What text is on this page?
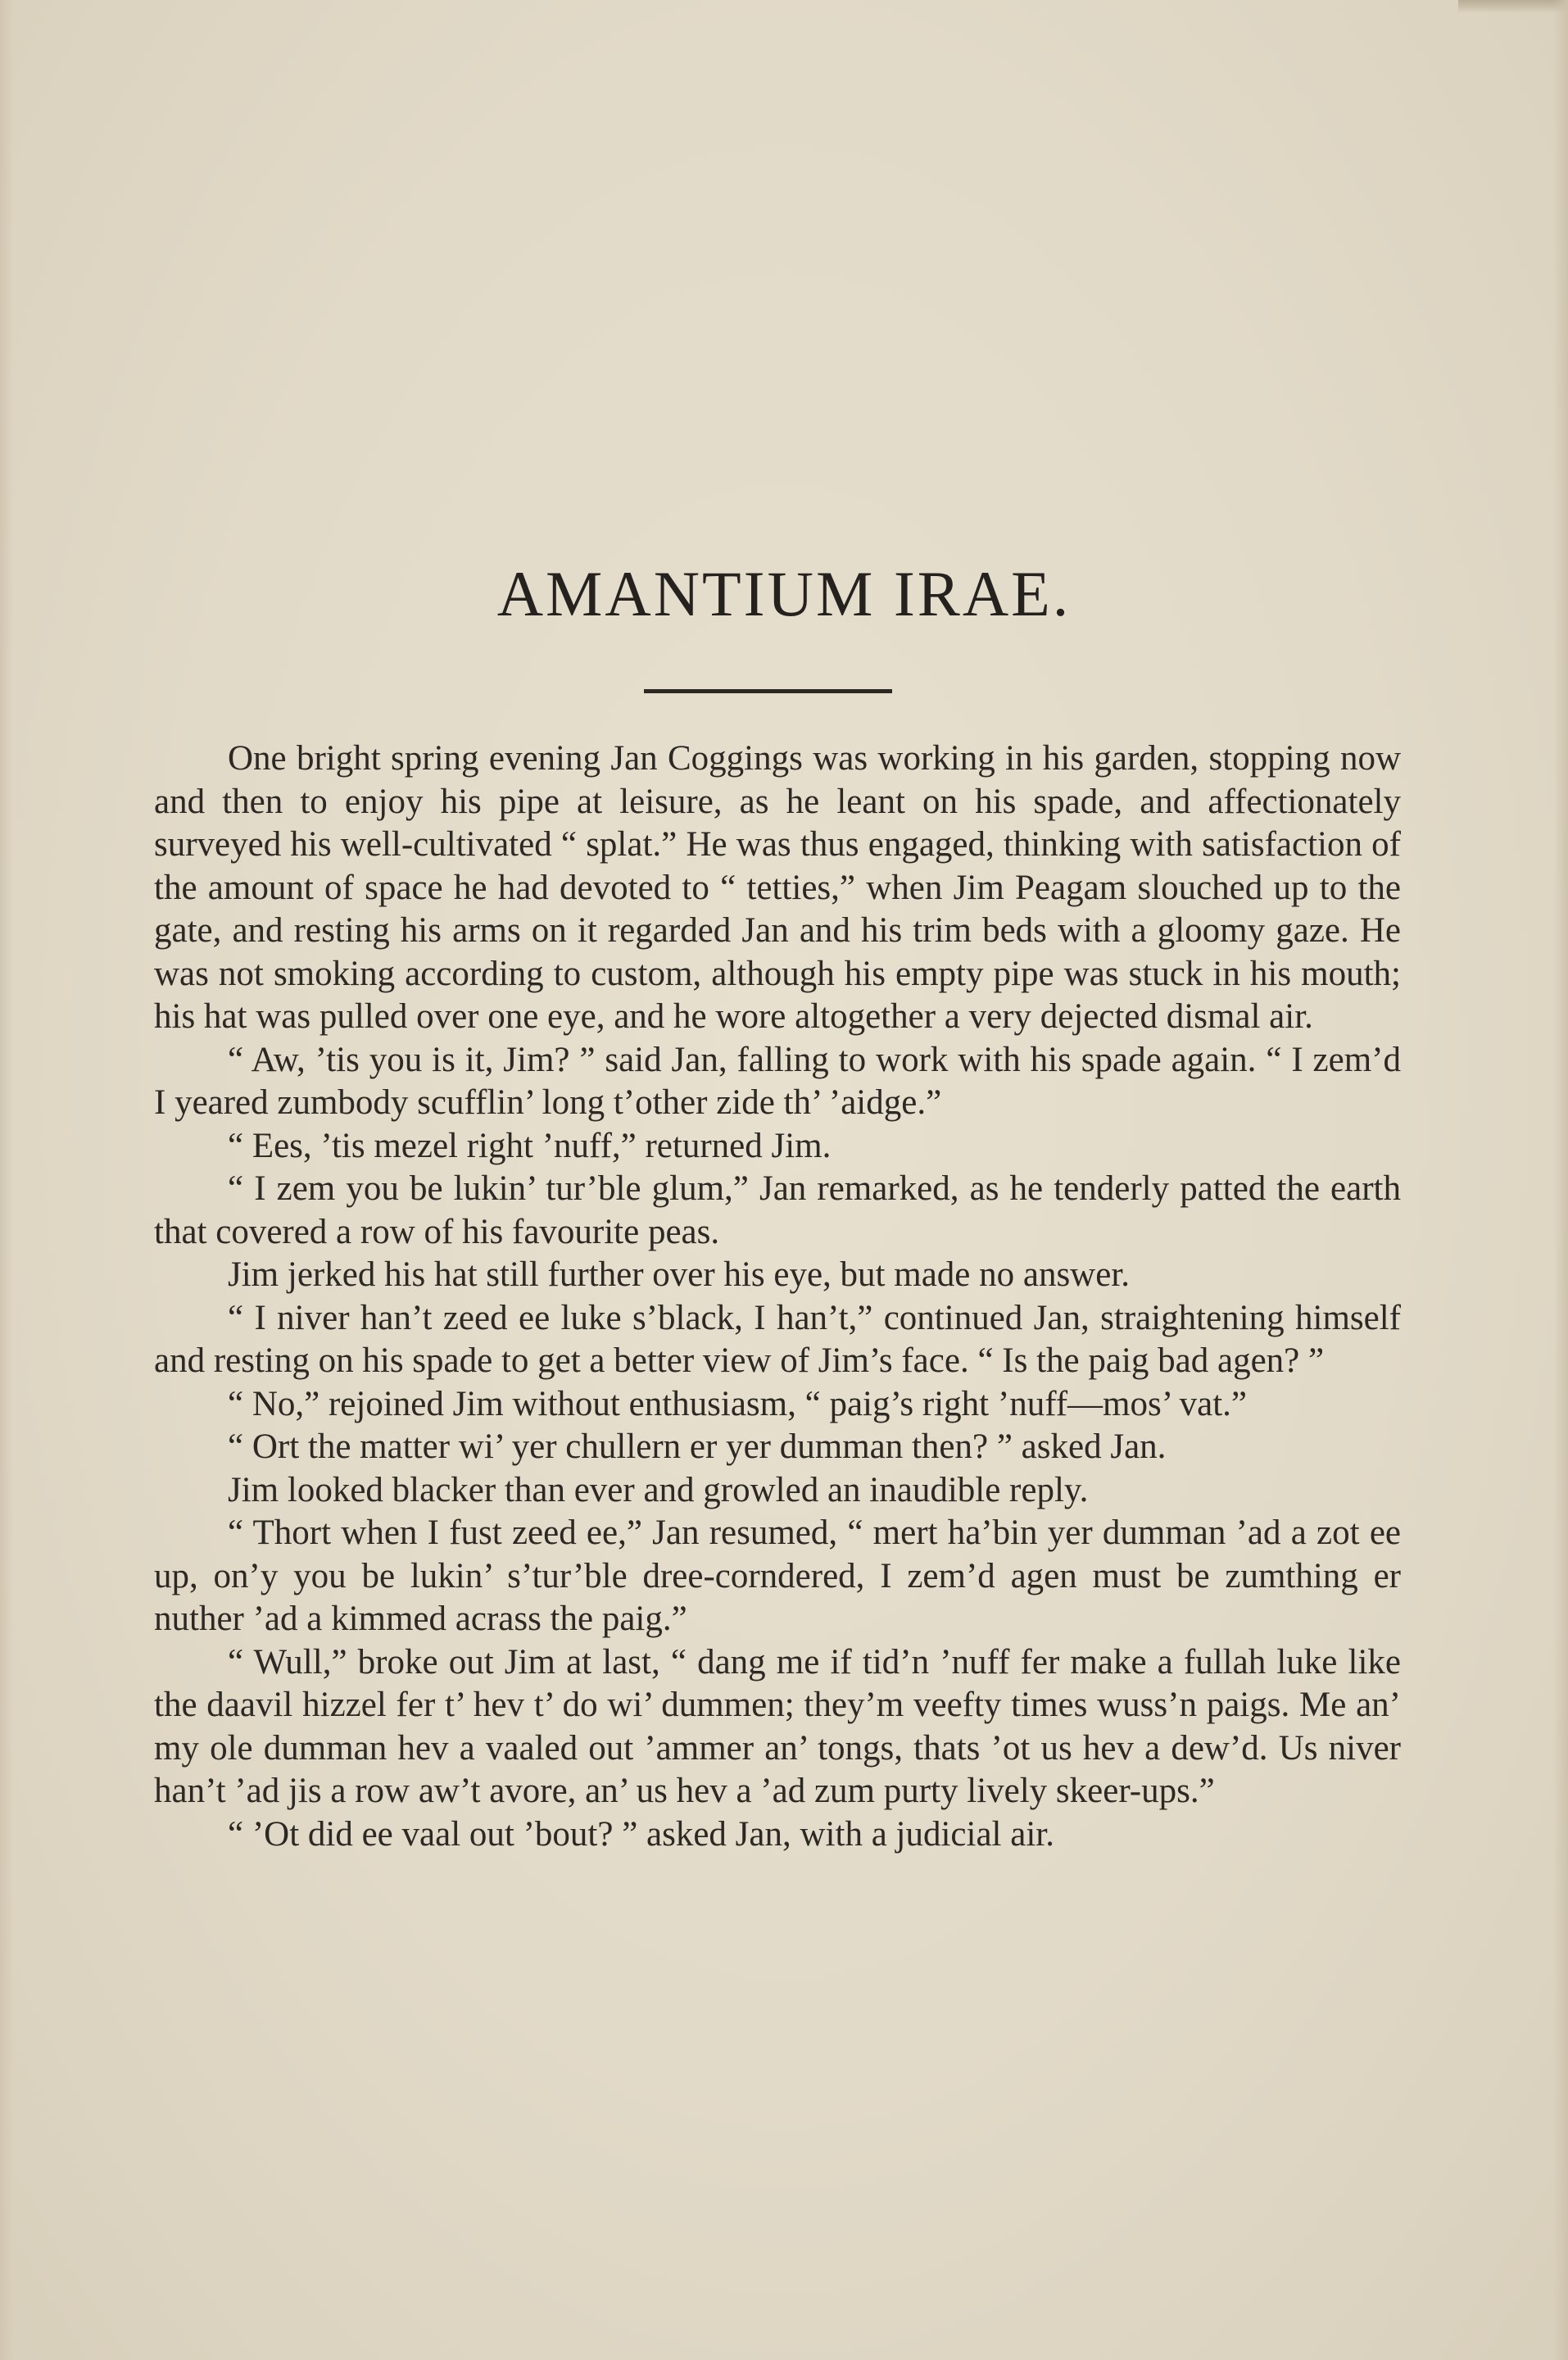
AMANTIUM IRAE.

One bright spring evening Jan Coggings was working in his garden, stopping now and then to enjoy his pipe at leisure, as he leant on his spade, and affectionately surveyed his well-cultivated “ splat.” He was thus engaged, thinking with satisfaction of the amount of space he had devoted to “ tetties,” when Jim Peagam slouched up to the gate, and resting his arms on it regarded Jan and his trim beds with a gloomy gaze. He was not smoking according to custom, although his empty pipe was stuck in his mouth; his hat was pulled over one eye, and he wore altogether a very dejected dismal air.

“ Aw, ’tis you is it, Jim? ” said Jan, falling to work with his spade again. “ I zem’d I yeared zumbody scufflin’ long t’other zide th’ ’aidge.”

“ Ees, ’tis mezel right ’nuff,” returned Jim.

“ I zem you be lukin’ tur’ble glum,” Jan remarked, as he tenderly patted the earth that covered a row of his favourite peas.

Jim jerked his hat still further over his eye, but made no answer.

“ I niver han’t zeed ee luke s’black, I han’t,” continued Jan, straightening himself and resting on his spade to get a better view of Jim’s face. “ Is the paig bad agen? ”

“ No,” rejoined Jim without enthusiasm, “ paig’s right ’nuff—mos’ vat.”

“ Ort the matter wi’ yer chullern er yer dumman then? ” asked Jan.

Jim looked blacker than ever and growled an inaudible reply.

“ Thort when I fust zeed ee,” Jan resumed, “ mert ha’bin yer dumman ’ad a zot ee up, on’y you be lukin’ s’tur’ble dree-corndered, I zem’d agen must be zumthing er nuther ’ad a kimmed acrass the paig.”

“ Wull,” broke out Jim at last, “ dang me if tid’n ’nuff fer make a fullah luke like the daavil hizzel fer t’ hev t’ do wi’ dummen; they’m veefty times wuss’n paigs. Me an’ my ole dumman hev a vaaled out ’ammer an’ tongs, thats ’ot us hev a dew’d. Us niver han’t ’ad jis a row aw’t avore, an’ us hev a ’ad zum purty lively skeer-ups.”

“ ’Ot did ee vaal out ’bout? ” asked Jan, with a judicial air.
